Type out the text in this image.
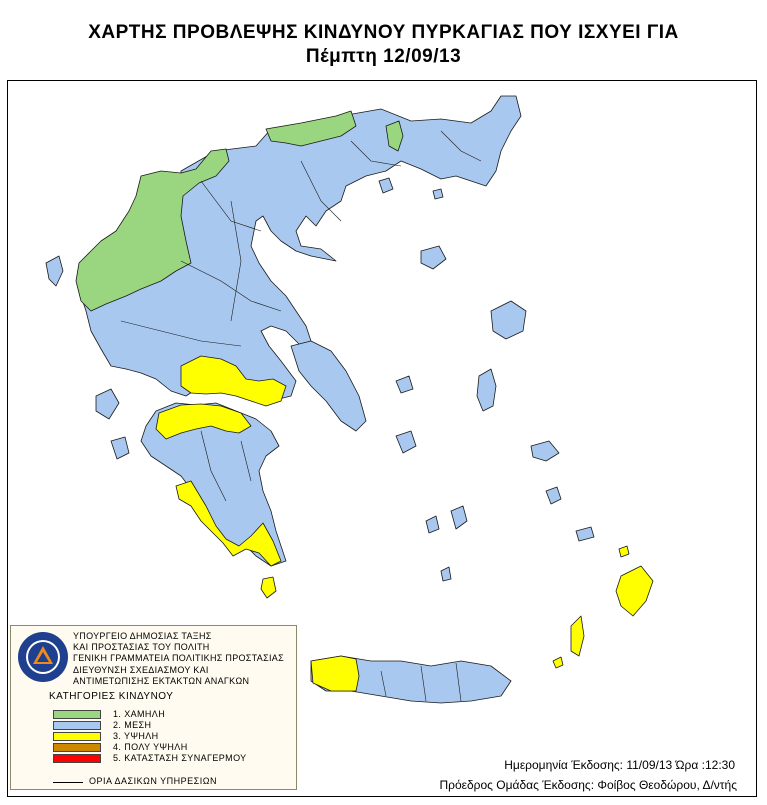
ΧΑΡΤΗΣ ΠΡΟΒΛΕΨΗΣ ΚΙΝΔΥΝΟΥ ΠΥΡΚΑΓΙΑΣ ΠΟΥ ΙΣΧΥΕΙ ΓΙΑ
Πέμπτη 12/09/13
ΥΠΟΥΡΓΕΙΟ ΔΗΜΟΣΙΑΣ ΤΑΞΗΣ
ΚΑΙ ΠΡΟΣΤΑΣΙΑΣ ΤΟΥ ΠΟΛΙΤΗ
ΓΕΝΙΚΗ ΓΡΑΜΜΑΤΕΙΑ ΠΟΛΙΤΙΚΗΣ ΠΡΟΣΤΑΣΙΑΣ
ΔΙΕΥΘΥΝΣΗ ΣΧΕΔΙΑΣΜΟΥ ΚΑΙ
ΑΝΤΙΜΕΤΩΠΙΣΗΣ ΕΚΤΑΚΤΩΝ ΑΝΑΓΚΩΝ
ΚΑΤΗΓΟΡΙΕΣ ΚΙΝΔΥΝΟΥ
1. ΧΑΜΗΛΗ
2. ΜΕΣΗ
3. ΥΨΗΛΗ
4. ΠΟΛΥ ΥΨΗΛΗ
5. ΚΑΤΑΣΤΑΣΗ ΣΥΝΑΓΕΡΜΟΥ
ΟΡΙΑ ΔΑΣΙΚΩΝ ΥΠΗΡΕΣΙΩΝ
Ημερομηνία Έκδοσης: 11/09/13 Ώρα :12:30
Πρόεδρος Ομάδας Έκδοσης: Φοίβος Θεοδώρου, Δ/ντής
